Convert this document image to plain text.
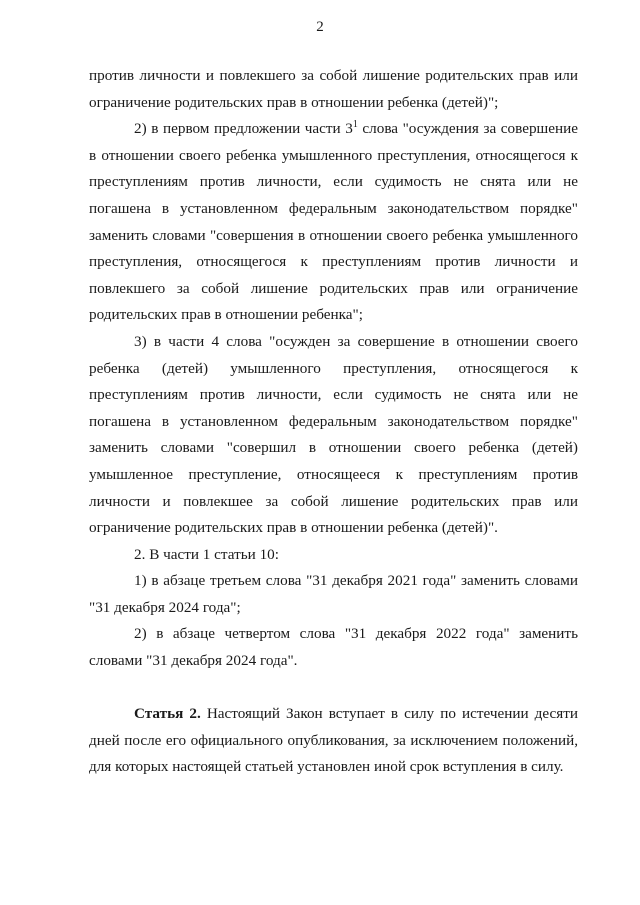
2

против личности и повлекшего за собой лишение родительских прав или ограничение родительских прав в отношении ребенка (детей)";

2) в первом предложении части $3^1$ слова "осуждения за совершение в отношении своего ребенка умышленного преступления, относящегося к преступлениям против личности, если судимость не снята или не погашена в установленном федеральным законодательством порядке" заменить словами "совершения в отношении своего ребенка умышленного преступления, относящегося к преступлениям против личности и повлекшего за собой лишение родительских прав или ограничение родительских прав в отношении ребенка";

3) в части 4 слова "осужден за совершение в отношении своего ребенка (детей) умышленного преступления, относящегося к преступлениям против личности, если судимость не снята или не погашена в установленном федеральным законодательством порядке" заменить словами "совершил в отношении своего ребенка (детей) умышленное преступление, относящееся к преступлениям против личности и повлекшее за собой лишение родительских прав или ограничение родительских прав в отношении ребенка (детей)".

2. В части 1 статьи 10:

1) в абзаце третьем слова "31 декабря 2021 года" заменить словами "31 декабря 2024 года";

2) в абзаце четвертом слова "31 декабря 2022 года" заменить словами "31 декабря 2024 года".

Статья 2. Настоящий Закон вступает в силу по истечении десяти дней после его официального опубликования, за исключением положений, для которых настоящей статьей установлен иной срок вступления в силу.
